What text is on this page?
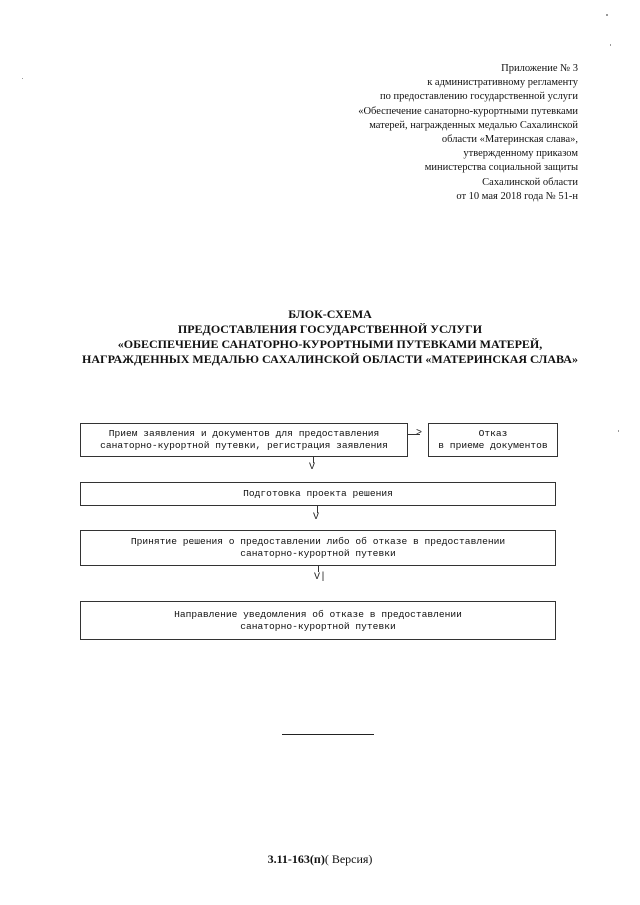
Приложение № 3
к административному регламенту
по предоставлению государственной услуги
«Обеспечение санаторно-курортными путевками
матерей, награжденных медалью Сахалинской
области «Материнская слава»,
утвержденному приказом
министерства социальной защиты
Сахалинской области
от 10 мая 2018 года № 51-н
БЛОК-СХЕМА
ПРЕДОСТАВЛЕНИЯ ГОСУДАРСТВЕННОЙ УСЛУГИ
«ОБЕСПЕЧЕНИЕ САНАТОРНО-КУРОРТНЫМИ ПУТЕВКАМИ МАТЕРЕЙ,
НАГРАЖДЕННЫХ МЕДАЛЬЮ САХАЛИНСКОЙ ОБЛАСТИ «МАТЕРИНСКАЯ СЛАВА»
Прием заявления и документов для предоставления
санаторно-курортной путевки, регистрация заявления
>	Отказ
в приеме документов
V
Подготовка проекта решения
V
Принятие решения о предоставлении либо об отказе в предоставлении
санаторно-курортной путевки
V|
Направление уведомления об отказе в предоставлении
санаторно-курортной путевки
3.11-163(п)( Версия)
